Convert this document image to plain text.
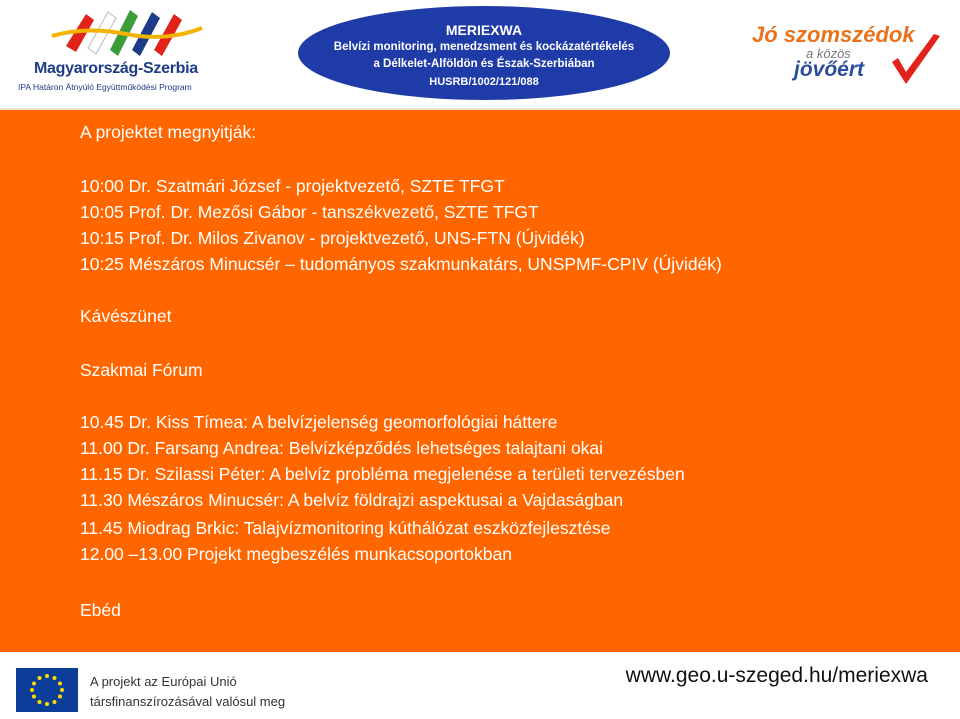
Magyarország-Szerbia
IPA Határon Átnyúló Együttműködési Program
MERIEXWA
Belvízi monitoring, menedzsment és kockázatértékelés
a Délkelet-Alföldön és Észak-Szerbiában
HUSRB/1002/121/088
Jó szomszédok
a közös
jövőért
A projektet megnyitják:
10:00 Dr. Szatmári József - projektvezető, SZTE TFGT
10:05 Prof. Dr. Mezősi Gábor - tanszékvezető, SZTE TFGT
10:15 Prof. Dr. Milos Zivanov - projektvezető, UNS-FTN (Újvidék)
10:25 Mészáros Minucsér – tudományos szakmunkatárs, UNSPMF-CPIV (Újvidék)
Kávészünet
Szakmai Fórum
10.45 Dr. Kiss Tímea: A belvízjelenség geomorfológiai háttere
11.00 Dr. Farsang Andrea: Belvízképződés lehetséges talajtani okai
11.15 Dr. Szilassi Péter: A belvíz probléma megjelenése a területi tervezésben
11.30 Mészáros Minucsér: A belvíz földrajzi aspektusai a Vajdaságban
11.45 Miodrag Brkic: Talajvízmonitoring kúthálózat eszközfejlesztése
12.00 –13.00 Projekt megbeszélés munkacsoportokban
Ebéd
A projekt az Európai Unió
társfinanszírozásával valósul meg
www.geo.u-szeged.hu/meriexwa
